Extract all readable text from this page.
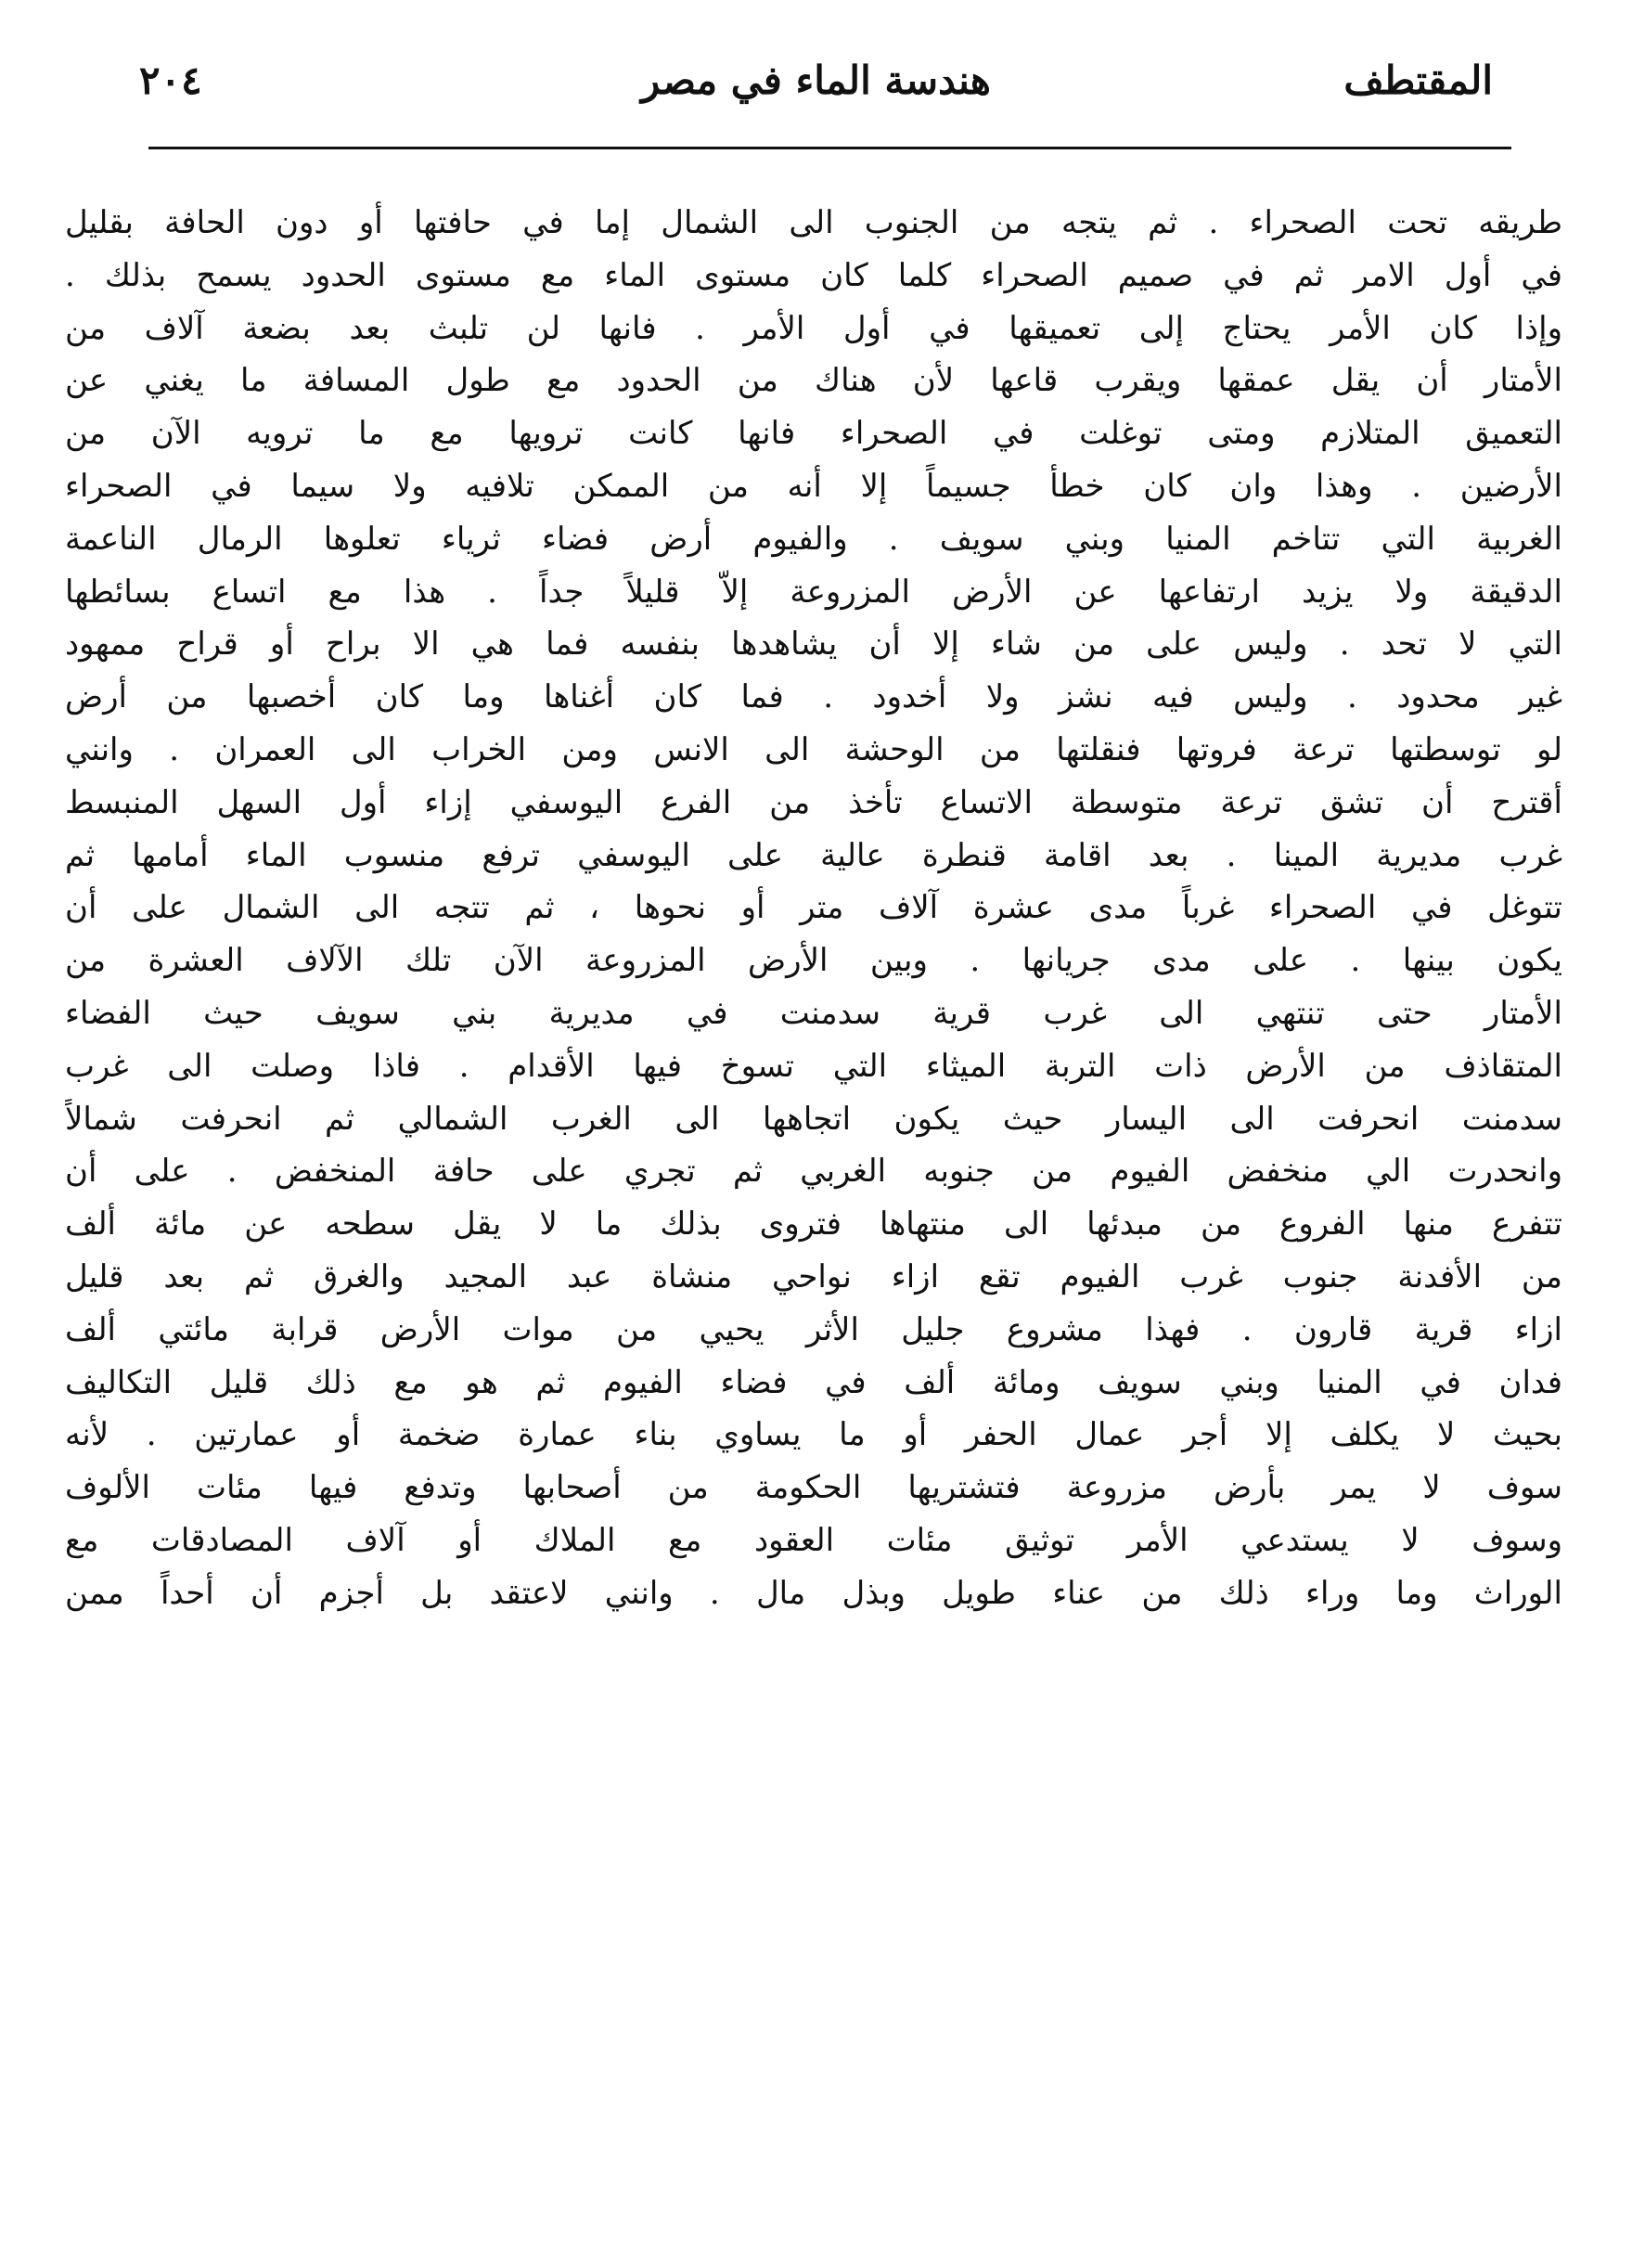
٢٠٤	هندسة الماء في مصر	المقتطف
طريقه تحت الصحراء . ثم يتجه من الجنوب الى الشمال إما في حافتها أو دون الحافة بقليل
في أول الامر ثم في صميم الصحراء كلما كان مستوى الماء مع مستوى الحدود يسمح بذلك .
وإذا كان الأمر يحتاج إلى تعميقها في أول الأمر . فانها لن تلبث بعد بضعة آلاف من
الأمتار أن يقل عمقها ويقرب قاعها لأن هناك من الحدود مع طول المسافة ما يغني عن
التعميق المتلازم ومتى توغلت في الصحراء فانها كانت ترويها مع ما ترويه الآن من
الأرضين . وهذا وان كان خطأ جسيماً إلا أنه من الممكن تلافيه ولا سيما في الصحراء
الغربية التي تتاخم المنيا وبني سويف . والفيوم أرض فضاء ثرياء تعلوها الرمال الناعمة
الدقيقة ولا يزيد ارتفاعها عن الأرض المزروعة إلاّ قليلاً جداً . هذا مع اتساع بسائطها
التي لا تحد . وليس على من شاء إلا أن يشاهدها بنفسه فما هي الا براح أو قراح ممهود
غير محدود . وليس فيه نشز ولا أخدود . فما كان أغناها وما كان أخصبها من أرض
لو توسطتها ترعة فروتها فنقلتها من الوحشة الى الانس ومن الخراب الى العمران . وانني
أقترح أن تشق ترعة متوسطة الاتساع تأخذ من الفرع اليوسفي إزاء أول السهل المنبسط
غرب مديرية المينا . بعد اقامة قنطرة عالية على اليوسفي ترفع منسوب الماء أمامها ثم
تتوغل في الصحراء غرباً مدى عشرة آلاف متر أو نحوها ، ثم تتجه الى الشمال على أن
يكون بينها . على مدى جريانها . وبين الأرض المزروعة الآن تلك الآلاف العشرة من
الأمتار حتى تنتهي الى غرب قرية سدمنت في مديرية بني سويف حيث الفضاء
المتقاذف من الأرض ذات التربة الميثاء التي تسوخ فيها الأقدام . فاذا وصلت الى غرب
سدمنت انحرفت الى اليسار حيث يكون اتجاهها الى الغرب الشمالي ثم انحرفت شمالاً
وانحدرت الي منخفض الفيوم من جنوبه الغربي ثم تجري على حافة المنخفض . على أن
تتفرع منها الفروع من مبدئها الى منتهاها فتروى بذلك ما لا يقل سطحه عن مائة ألف
من الأفدنة جنوب غرب الفيوم تقع ازاء نواحي منشاة عبد المجيد والغرق ثم بعد قليل
ازاء قرية قارون . فهذا مشروع جليل الأثر يحيي من موات الأرض قرابة مائتي ألف
فدان في المنيا وبني سويف ومائة ألف في فضاء الفيوم ثم هو مع ذلك قليل التكاليف
بحيث لا يكلف إلا أجر عمال الحفر أو ما يساوي بناء عمارة ضخمة أو عمارتين . لأنه
سوف لا يمر بأرض مزروعة فتشتريها الحكومة من أصحابها وتدفع فيها مئات الألوف
وسوف لا يستدعي الأمر توثيق مئات العقود مع الملاك أو آلاف المصادقات مع
الوراث وما وراء ذلك من عناء طويل وبذل مال . وانني لاعتقد بل أجزم أن أحداً ممن
